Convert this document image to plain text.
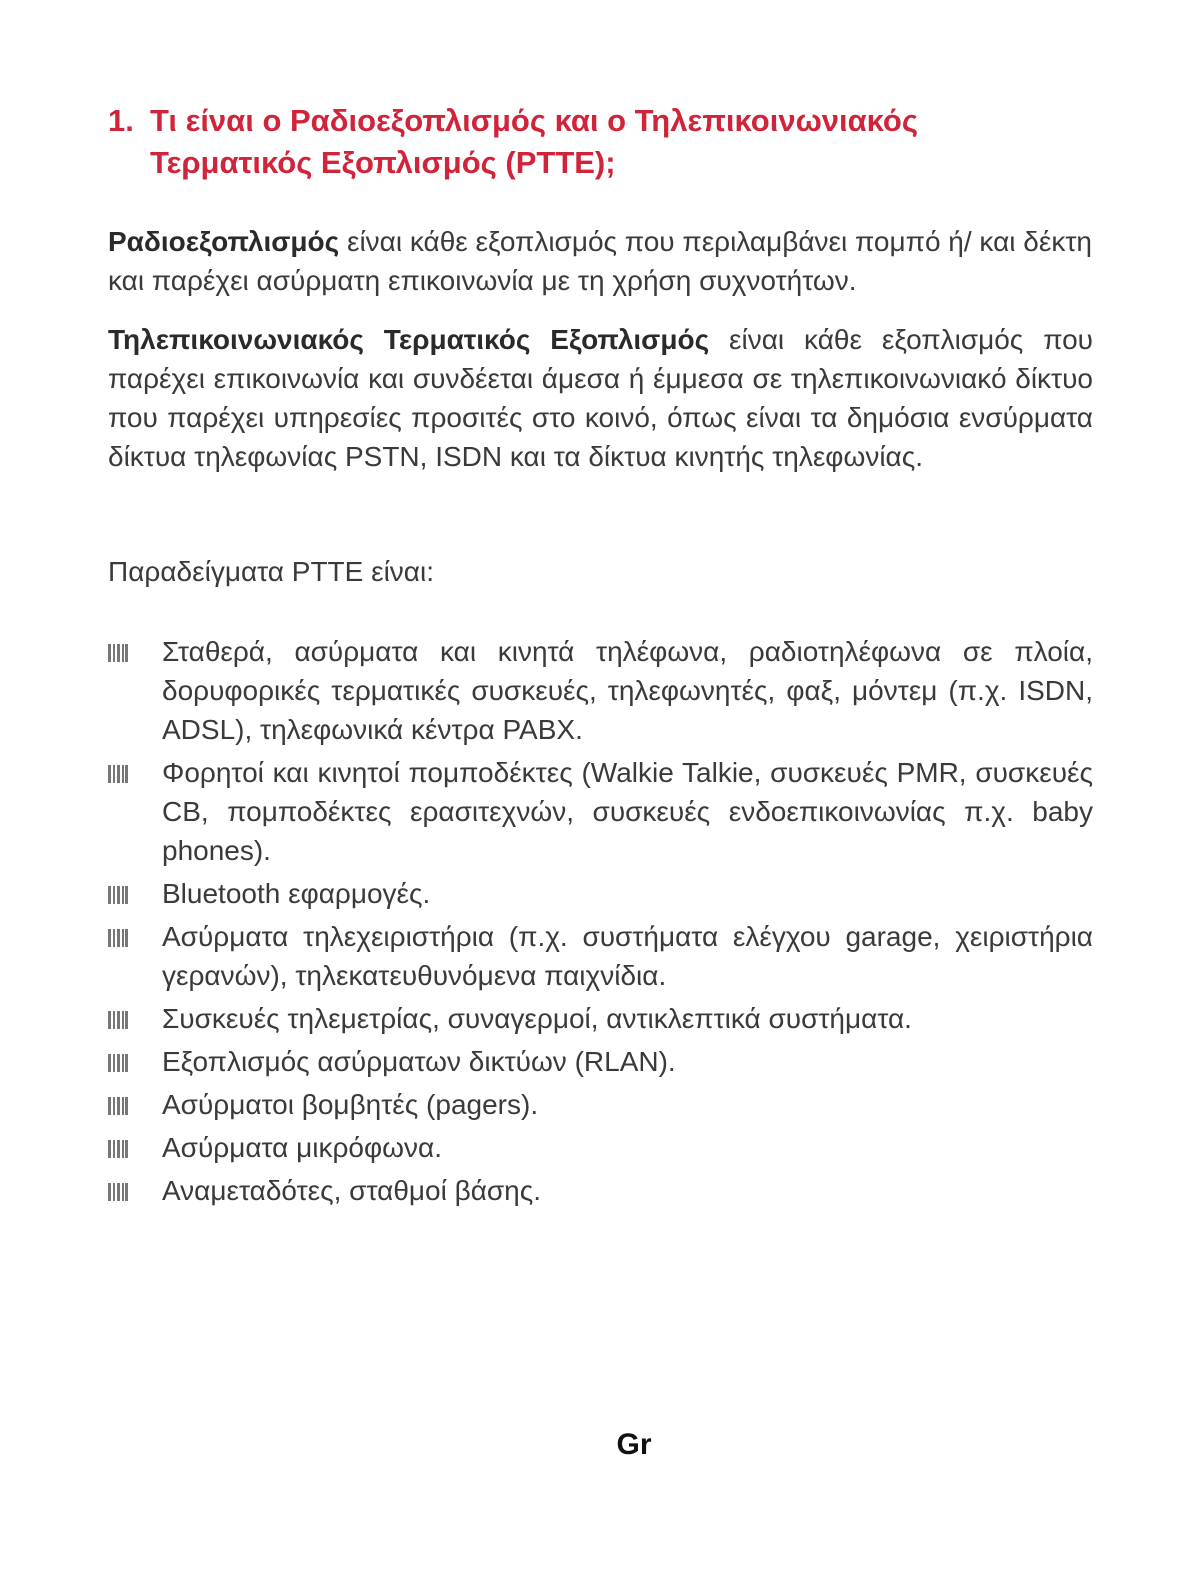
1. Τι είναι ο Ραδιοεξοπλισμός και ο Τηλεπικοινωνιακός Τερματικός Εξοπλισμός (PTTE);
Ραδιοεξοπλισμός είναι κάθε εξοπλισμός που περιλαμβάνει πομπό ή/ και δέκτη και παρέχει ασύρματη επικοινωνία με τη χρήση συχνοτήτων.
Τηλεπικοινωνιακός Τερματικός Εξοπλισμός είναι κάθε εξοπλισμός που παρέχει επικοινωνία και συνδέεται άμεσα ή έμμεσα σε τηλεπικοινωνιακό δίκτυο που παρέχει υπηρεσίες προσιτές στο κοινό, όπως είναι τα δημόσια ενσύρματα δίκτυα τηλεφωνίας PSTN, ISDN και τα δίκτυα κινητής τηλεφωνίας.
Παραδείγματα PTTE είναι:
Σταθερά, ασύρματα και κινητά τηλέφωνα, ραδιοτηλέφωνα σε πλοία, δορυφορικές τερματικές συσκευές, τηλεφωνητές, φαξ, μόντεμ (π.χ. ISDN, ADSL), τηλεφωνικά κέντρα PABX.
Φορητοί και κινητοί πομποδέκτες (Walkie Talkie, συσκευές PMR, συσκευές CB, πομποδέκτες ερασιτεχνών, συσκευές ενδοεπικοινωνίας π.χ. baby phones).
Bluetooth εφαρμογές.
Ασύρματα τηλεχειριστήρια (π.χ. συστήματα ελέγχου garage, χειριστήρια γερανών), τηλεκατευθυνόμενα παιχνίδια.
Συσκευές τηλεμετρίας, συναγερμοί, αντικλεπτικά συστήματα.
Εξοπλισμός ασύρματων δικτύων (RLAN).
Ασύρματοι βομβητές (pagers).
Ασύρματα μικρόφωνα.
Αναμεταδότες, σταθμοί βάσης.
Gr
